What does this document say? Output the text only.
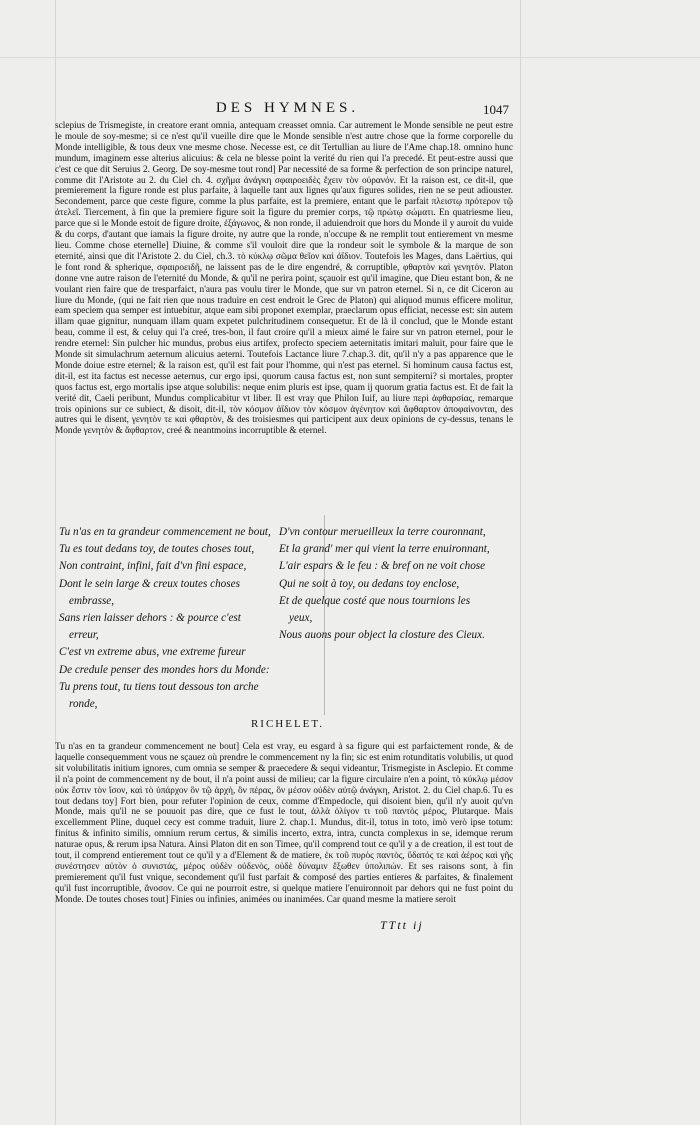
DES HYMNES.	1047

sclepius de Trismegiste, in creatore erant omnia, antequam creasset omnia. Car autrement le Monde sensible ne peut estre le moule de soy-mesme; si ce n'est qu'il vueille dire que le Monde sensible n'est autre chose que la forme corporelle du Monde intelligible, & tous deux vne mesme chose. Necesse est, ce dit Tertullian au liure de l'Ame chap.18. omnino hunc mundum, imaginem esse alterius alicuius: & cela ne blesse point la verité du rien qui l'a precedé. Et peut-estre aussi que c'est ce que dit Seruius 2. Georg. De soy-mesme tout rond] Par necessité de sa forme & perfection de son principe naturel, comme dit l'Aristote au 2. du Ciel ch. 4. σχῆμα ἀνάγκη σφαιροειδὲς ἔχειν τὸν οὐρανόν. Et la raison est, ce dit-il, que premierement la figure ronde est plus parfaite, à laquelle tant aux lignes qu'aux figures solides, rien ne se peut adiouster. Secondement, parce que ceste figure, comme la plus parfaite, est la premiere, entant que le parfait πλειστῳ πρότερον τῷ ἀτελεῖ. Tiercement, à fin que la premiere figure soit la figure du premier corps, τῷ πρώτῳ σώματι. En quatriesme lieu, parce que si le Monde estoit de figure droite, ἐξάγωνος, & non ronde, il aduiendroit que hors du Monde il y auroit du vuide & du corps, d'autant que iamais la figure droite, ny autre que la ronde, n'occupe & ne remplit tout entierement vn mesme lieu. Comme chose eternelle] Diuine, & comme s'il vouloit dire que la rondeur soit le symbole & la marque de son eternité, ainsi que dit l'Aristote 2. du Ciel, ch.3. τὸ κύκλῳ σῶμα θεῖον καὶ ἀΐδιον. Toutefois les Mages, dans Laërtius, qui le font rond & spherique, σφαιροειδῆ, ne laissent pas de le dire engendré, & corruptible, φθαρτὸν καὶ γενητόν. Platon donne vne autre raison de l'eternité du Monde, & qu'il ne perira point, sçauoir est qu'il imagine, que Dieu estant bon, & ne voulant rien faire que de tresparfaict, n'aura pas voulu tirer le Monde, que sur vn patron eternel. Si n, ce dit Ciceron au liure du Monde, (qui ne fait rien que nous traduire en cest endroit le Grec de Platon) qui aliquod munus efficere molitur, eam speciem qua semper est intuebitur, atque eam sibi proponet exemplar, praeclarum opus efficiat, necesse est: sin autem illam quae gignitur, nunquam illam quam expetet pulchritudinem consequetur. Et de là il conclud, que le Monde estant beau, comme il est, & celuy qui l'a creé, tres-bon, il faut croire qu'il a mieux aimé le faire sur vn patron eternel, pour le rendre eternel: Sin pulcher hic mundus, probus eius artifex, profecto speciem aeternitatis imitari maluit, pour faire que le Monde sit simulachrum aeternum alicuius aeterni. Toutefois Lactance liure 7.chap.3. dit, qu'il n'y a pas apparence que le Monde doiue estre eternel; & la raison est, qu'il est fait pour l'homme, qui n'est pas eternel. Si hominum causa factus est, dit-il, est ita factus est necesse aeternus, cur ergo ipsi, quorum causa factus est, non sunt sempiterni? si mortales, propter quos factus est, ergo mortalis ipse atque solubilis: neque enim pluris est ipse, quam ij quorum gratia factus est. Et de fait la verité dit, Caeli peribunt, Mundus complicabitur vt liber. Il est vray que Philon Iuif, au liure περὶ ἀφθαρσίας, remarque trois opinions sur ce subiect, & disoit, dit-il, τὸν κόσμον ἀΐδιον τὸν κόσμον ἀγένητον καὶ ἄφθαρτον ἀποφαίνονται, des autres qui le disent, γενητὸν τε καὶ φθαρτὸν, & des troisiesmes qui participent aux deux opinions de cy-dessus, tenans le Monde γενητὸν & ἄφθαρτον, creé & neantmoins incorruptible & eternel.

Tu n'as en ta grandeur commencement ne bout,
Tu es tout dedans toy, de toutes choses tout,
Non contraint, infini, fait d'vn fini espace,
Dont le sein large & creux toutes choses embrasse,
Sans rien laisser dehors : & pource c'est erreur,
C'est vn extreme abus, vne extreme fureur
De credule penser des mondes hors du Monde:
Tu prens tout, tu tiens tout dessous ton arche ronde,
D'vn contour merueilleux la terre couronnant,
Et la grand' mer qui vient la terre enuironnant,
L'air espars & le feu : & bref on ne voit chose
Qui ne soit à toy, ou dedans toy enclose,
Et de quelque costé que nous tournions les yeux,
Nous auons pour object la closture des Cieux.
RICHELET.

Tu n'as en ta grandeur commencement ne bout] Cela est vray, eu esgard à sa figure qui est parfaictement ronde, & de laquelle consequemment vous ne sçauez où prendre le commencement ny la fin; sic est enim rotunditatis volubilis, ut quod sit volubilitatis initium ignores, cum omnia se semper & praecedere & sequi videantur, Trismegiste in Asclepio. Et comme il n'a point de commencement ny de bout, il n'a point aussi de milieu; car la figure circulaire n'en a point, τὸ κύκλῳ μέσον οὐκ ἔστιν τὸν ἴσον, καὶ τὸ ὑπάρχον ὃν τῷ ἀρχὴ, ὃν πέρας, ὃν μέσον οὐδὲν αὐτῷ ἀνάγκη, Aristot. 2. du Ciel chap.6. Tu es tout dedans toy] Fort bien, pour refuter l'opinion de ceux, comme d'Empedocle, qui disoient bien, qu'il n'y auoit qu'vn Monde, mais qu'il ne se pouuoit pas dire, que ce fust le tout, ἀλλὰ ὀλίγον τι τοῦ παντὸς μέρος, Plutarque. Mais excellemment Pline, duquel cecy est comme traduit, liure 2. chap.1. Mundus, dit-il, totus in toto, imò verò ipse totum: finitus & infinito similis, omnium rerum certus, & similis incerto, extra, intra, cuncta complexus in se, idemque rerum naturae opus, & rerum ipsa Natura. Ainsi Platon dit en son Timee, qu'il comprend tout ce qu'il y a de creation, il est tout de tout, il comprend entierement tout ce qu'il y a d'Element & de matiere, ἐκ τοῦ πυρὸς παντὸς, ὕδατός τε καὶ ἀέρος καὶ γῆς συνέστησεν αὐτὸν ὁ συνιστάς, μέρος οὐδὲν οὐδενὸς, οὐδὲ δύναμιν ἔξωθεν ὑπολιπών. Et ses raisons sont, à fin premierement qu'il fust vnique, secondement qu'il fust parfait & composé des parties entieres & parfaites, & finalement qu'il fust incorruptible, ἄνοσον. Ce qui ne pourroit estre, si quelque matiere l'enuironnoit par dehors qui ne fust point du Monde. De toutes choses tout] Finies ou infinies, animées ou inanimées. Car quand mesme la matiere seroit

TTtt ij
